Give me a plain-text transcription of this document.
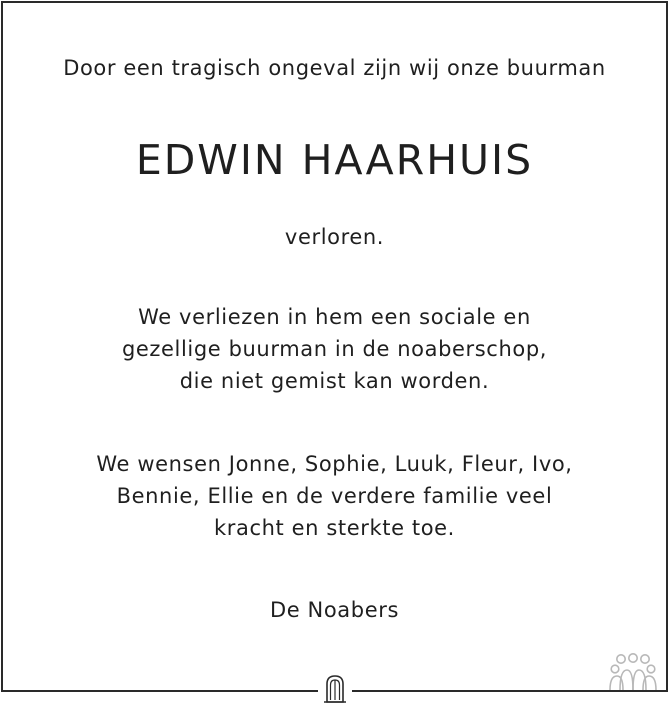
Door een tragisch ongeval zijn wij onze buurman

EDWIN HAARHUIS

verloren.

We verliezen in hem een sociale en

gezellige buurman in de noaberschop,

die niet gemist kan worden.

We wensen Jonne, Sophie, Luuk, Fleur, Ivo,

Bennie, Ellie en de verdere familie veel

kracht en sterkte toe.

De Noabers
